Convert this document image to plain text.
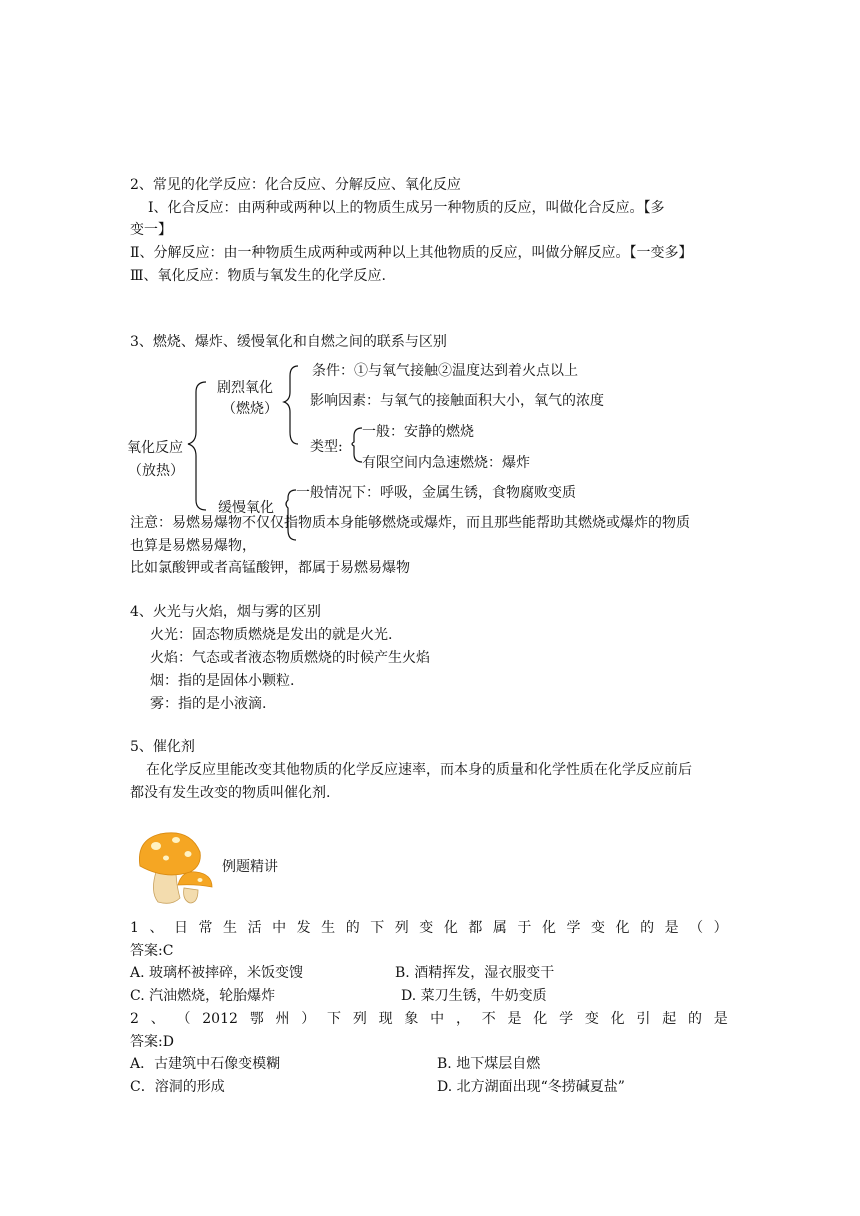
2、常见的化学反应：化合反应、分解反应、氧化反应
Ⅰ、化合反应：由两种或两种以上的物质生成另一种物质的反应，叫做化合反应。【多
变一】
Ⅱ、分解反应：由一种物质生成两种或两种以上其他物质的反应，叫做分解反应。【一变多】
Ⅲ、氧化反应：物质与氧发生的化学反应.
3、燃烧、爆炸、缓慢氧化和自燃之间的联系与区别
氧化反应
（放热）
剧烈氧化
（燃烧）
条件：①与氧气接触②温度达到着火点以上
影响因素：与氧气的接触面积大小，氧气的浓度
类型:
一般：安静的燃烧
有限空间内急速燃烧：爆炸
缓慢氧化
一般情况下：呼吸，金属生锈，食物腐败变质
注意：易燃易爆物不仅仅指物质本身能够燃烧或爆炸，而且那些能帮助其燃烧或爆炸的物质
也算是易燃易爆物，
比如氯酸钾或者高锰酸钾，都属于易燃易爆物
4、火光与火焰，烟与雾的区别
火光：固态物质燃烧是发出的就是火光.
火焰：气态或者液态物质燃烧的时候产生火焰
烟：指的是固体小颗粒.
雾：指的是小液滴.
5、催化剂
在化学反应里能改变其他物质的化学反应速率，而本身的质量和化学性质在化学反应前后
都没有发生改变的物质叫催化剂.
例题精讲
1 、 日 常 生 活 中 发 生 的 下 列 变 化 都 属 于 化 学 变 化 的 是 （ ）
答案:C
A. 玻璃杯被摔碎，米饭变馊	B. 酒精挥发，湿衣服变干
C. 汽油燃烧，轮胎爆炸	D. 菜刀生锈，牛奶变质
2 、 （ 2012 鄂 州 ） 下 列 现 象 中 ， 不 是 化 学 变 化 引 起 的 是
答案:D
A．古建筑中石像变模糊	B. 地下煤层自燃
C．溶洞的形成	D. 北方湖面出现“冬捞碱夏盐”
